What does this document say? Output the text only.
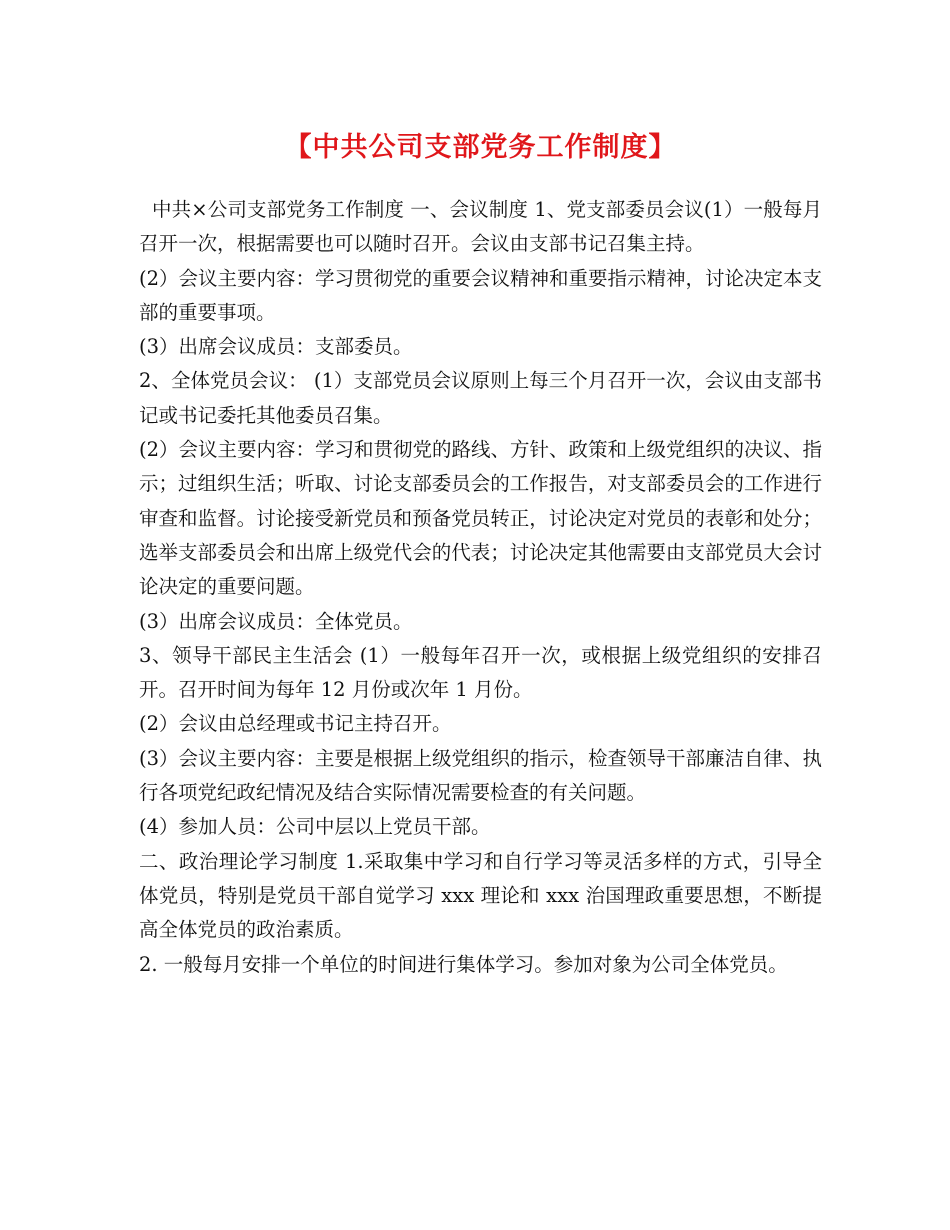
【中共公司支部党务工作制度】

中共×公司支部党务工作制度 一、会议制度 1、党支部委员会议(1）一般每月召开一次，根据需要也可以随时召开。会议由支部书记召集主持。

(2）会议主要内容：学习贯彻党的重要会议精神和重要指示精神，讨论决定本支部的重要事项。

(3）出席会议成员：支部委员。

2、全体党员会议： (1）支部党员会议原则上每三个月召开一次，会议由支部书记或书记委托其他委员召集。

(2）会议主要内容：学习和贯彻党的路线、方针、政策和上级党组织的决议、指示；过组织生活；听取、讨论支部委员会的工作报告，对支部委员会的工作进行审查和监督。讨论接受新党员和预备党员转正，讨论决定对党员的表彰和处分；选举支部委员会和出席上级党代会的代表；讨论决定其他需要由支部党员大会讨论决定的重要问题。

(3）出席会议成员：全体党员。

3、领导干部民主生活会 (1）一般每年召开一次，或根据上级党组织的安排召开。召开时间为每年 12 月份或次年 1 月份。

(2）会议由总经理或书记主持召开。

(3）会议主要内容：主要是根据上级党组织的指示，检查领导干部廉洁自律、执行各项党纪政纪情况及结合实际情况需要检查的有关问题。

(4）参加人员：公司中层以上党员干部。

二、政治理论学习制度 1.采取集中学习和自行学习等灵活多样的方式，引导全体党员，特别是党员干部自觉学习 xxx 理论和 xxx 治国理政重要思想，不断提高全体党员的政治素质。

2. 一般每月安排一个单位的时间进行集体学习。参加对象为公司全体党员。
